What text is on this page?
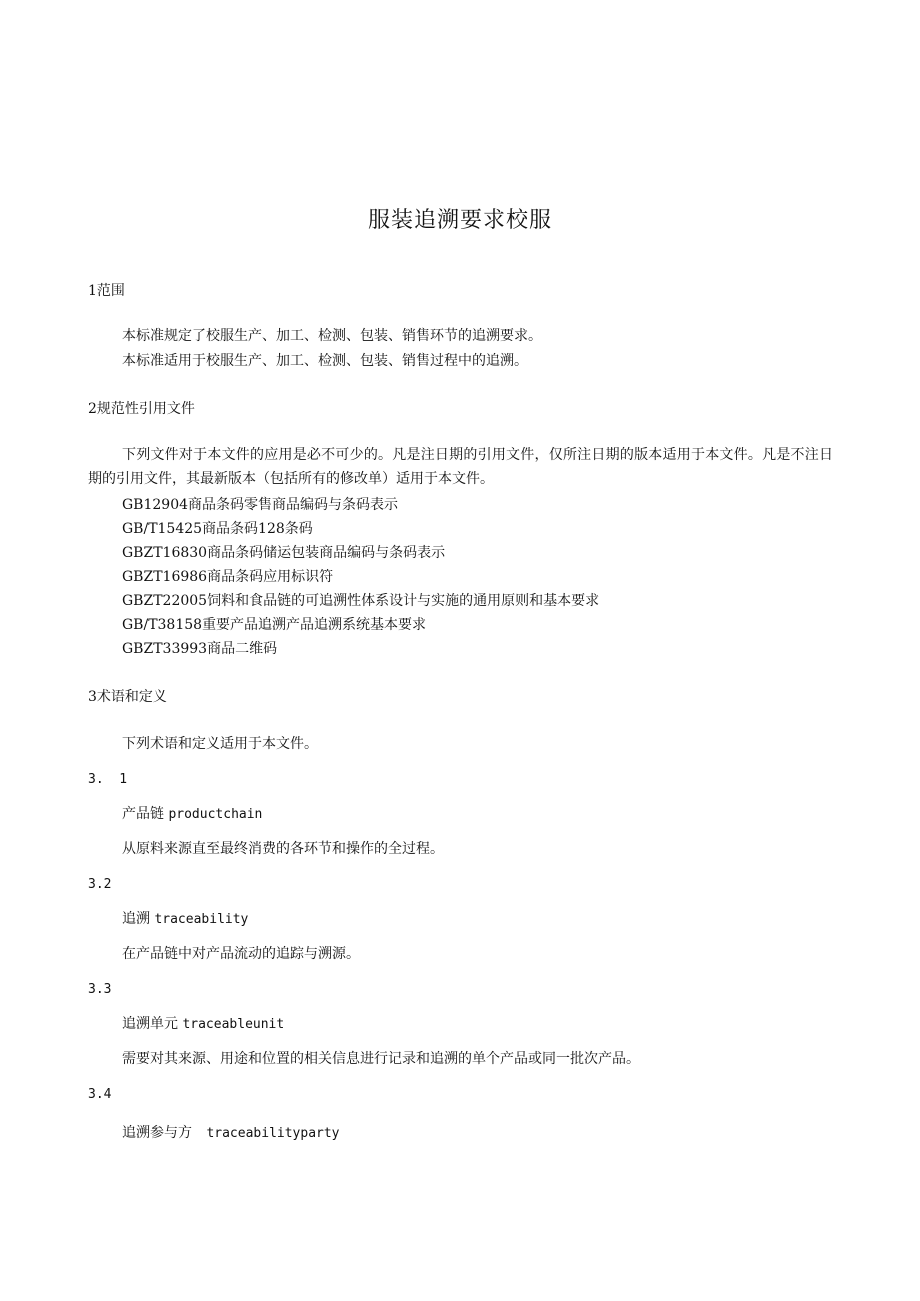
服装追溯要求校服
1范围
本标准规定了校服生产、加工、检测、包装、销售环节的追溯要求。
本标准适用于校服生产、加工、检测、包装、销售过程中的追溯。
2规范性引用文件
下列文件对于本文件的应用是必不可少的。凡是注日期的引用文件，仅所注日期的版本适用于本文件。凡是不注日期的引用文件，其最新版本（包括所有的修改单）适用于本文件。
GB12904商品条码零售商品编码与条码表示
GB/T15425商品条码128条码
GBZT16830商品条码储运包装商品编码与条码表示
GBZT16986商品条码应用标识符
GBZT22005饲料和食品链的可追溯性体系设计与实施的通用原则和基本要求
GB/T38158重要产品追溯产品追溯系统基本要求
GBZT33993商品二维码
3术语和定义
下列术语和定义适用于本文件。
3.  1
产品链 productchain
从原料来源直至最终消费的各环节和操作的全过程。
3.2
追溯 traceability
在产品链中对产品流动的追踪与溯源。
3.3
追溯单元 traceableunit
需要对其来源、用途和位置的相关信息进行记录和追溯的单个产品或同一批次产品。
3.4
追溯参与方 traceabilityparty
